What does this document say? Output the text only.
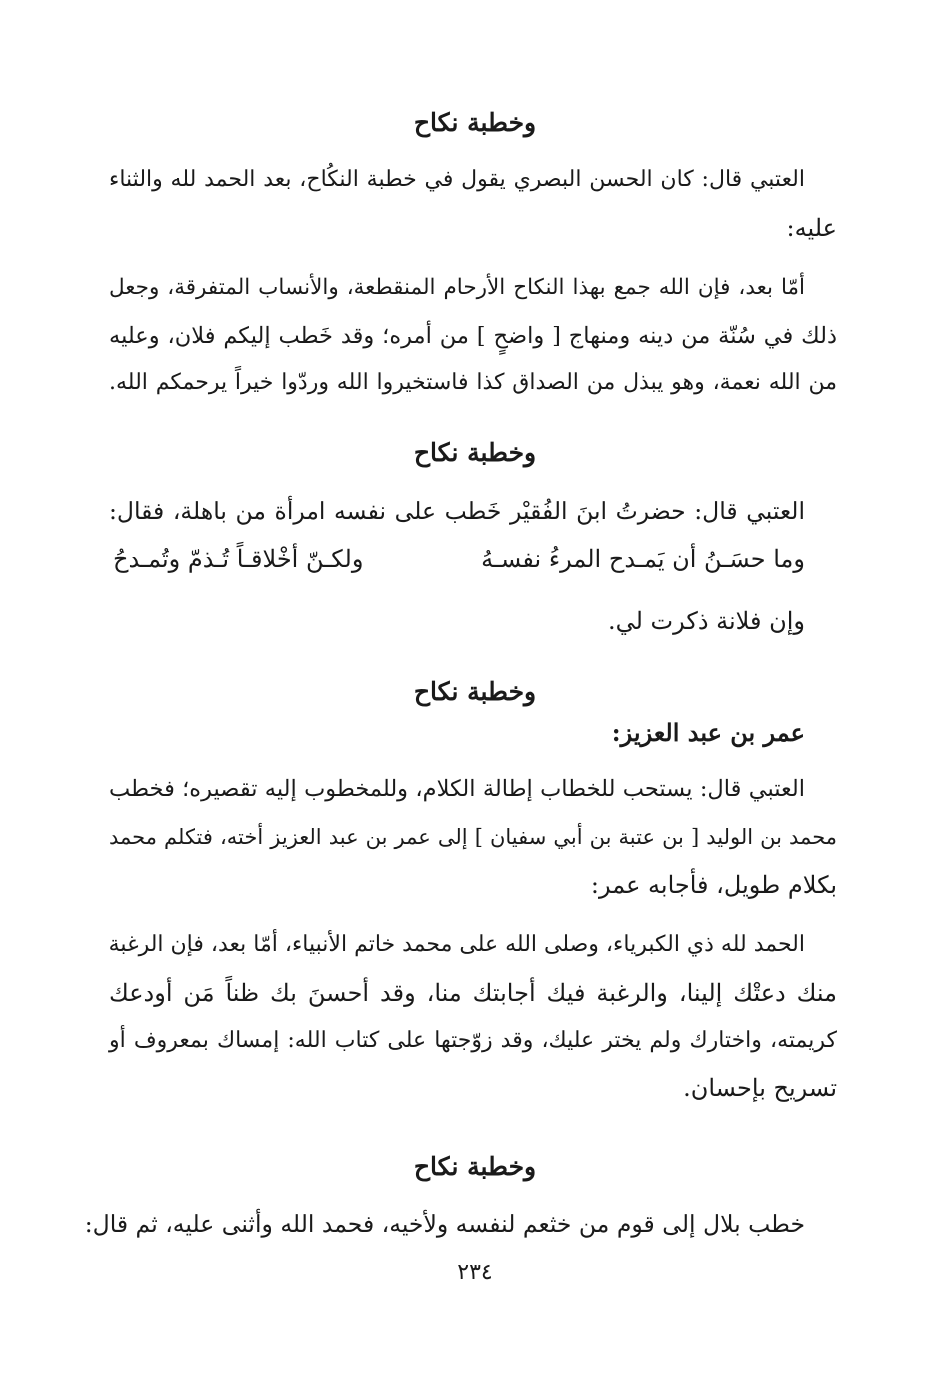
وخطبة نكاح
العتبي قال: كان الحسن البصري يقول في خطبة النكُاح، بعد الحمد لله والثناء
عليه:
أمّا بعد، فإن الله جمع بهذا النكاح الأرحام المنقطعة، والأنساب المتفرقة، وجعل
ذلك في سُنّة من دينه ومنهاج [ واضحٍ ] من أمره؛ وقد خَطب إليكم فلان، وعليه
من الله نعمة، وهو يبذل من الصداق كذا فاستخيروا الله وردّوا خيراً يرحمكم الله.
وخطبة نكاح
العتبي قال: حضرتُ ابنَ الفُقيْر خَطب على نفسه امرأة من باهلة، فقال:
وما حسَـنُ أن يَمـدح المرءُ نفسـهُ
ولكـنّ أخْلاقـاً تُـذمّ وتُمـدحُ
وإن فلانة ذكرت لي.
وخطبة نكاح
عمر بن عبد العزيز:
العتبي قال: يستحب للخطاب إطالة الكلام، وللمخطوب إليه تقصيره؛ فخطب
محمد بن الوليد [ بن عتبة بن أبي سفيان ] إلى عمر بن عبد العزيز أخته، فتكلم محمد
بكلام طويل، فأجابه عمر:
الحمد لله ذي الكبرياء، وصلى الله على محمد خاتم الأنبياء، أمّا بعد، فإن الرغبة
منك دعتْك إلينا، والرغبة فيك أجابتك منا، وقد أحسنَ بك ظناً مَن أودعك
كريمته، واختارك ولم يختر عليك، وقد زوّجتها على كتاب الله: إمساك بمعروف أو
تسريح بإحسان.
وخطبة نكاح
خطب بلال إلى قوم من خثعم لنفسه ولأخيه، فحمد الله وأثنى عليه، ثم قال:
٢٣٤
